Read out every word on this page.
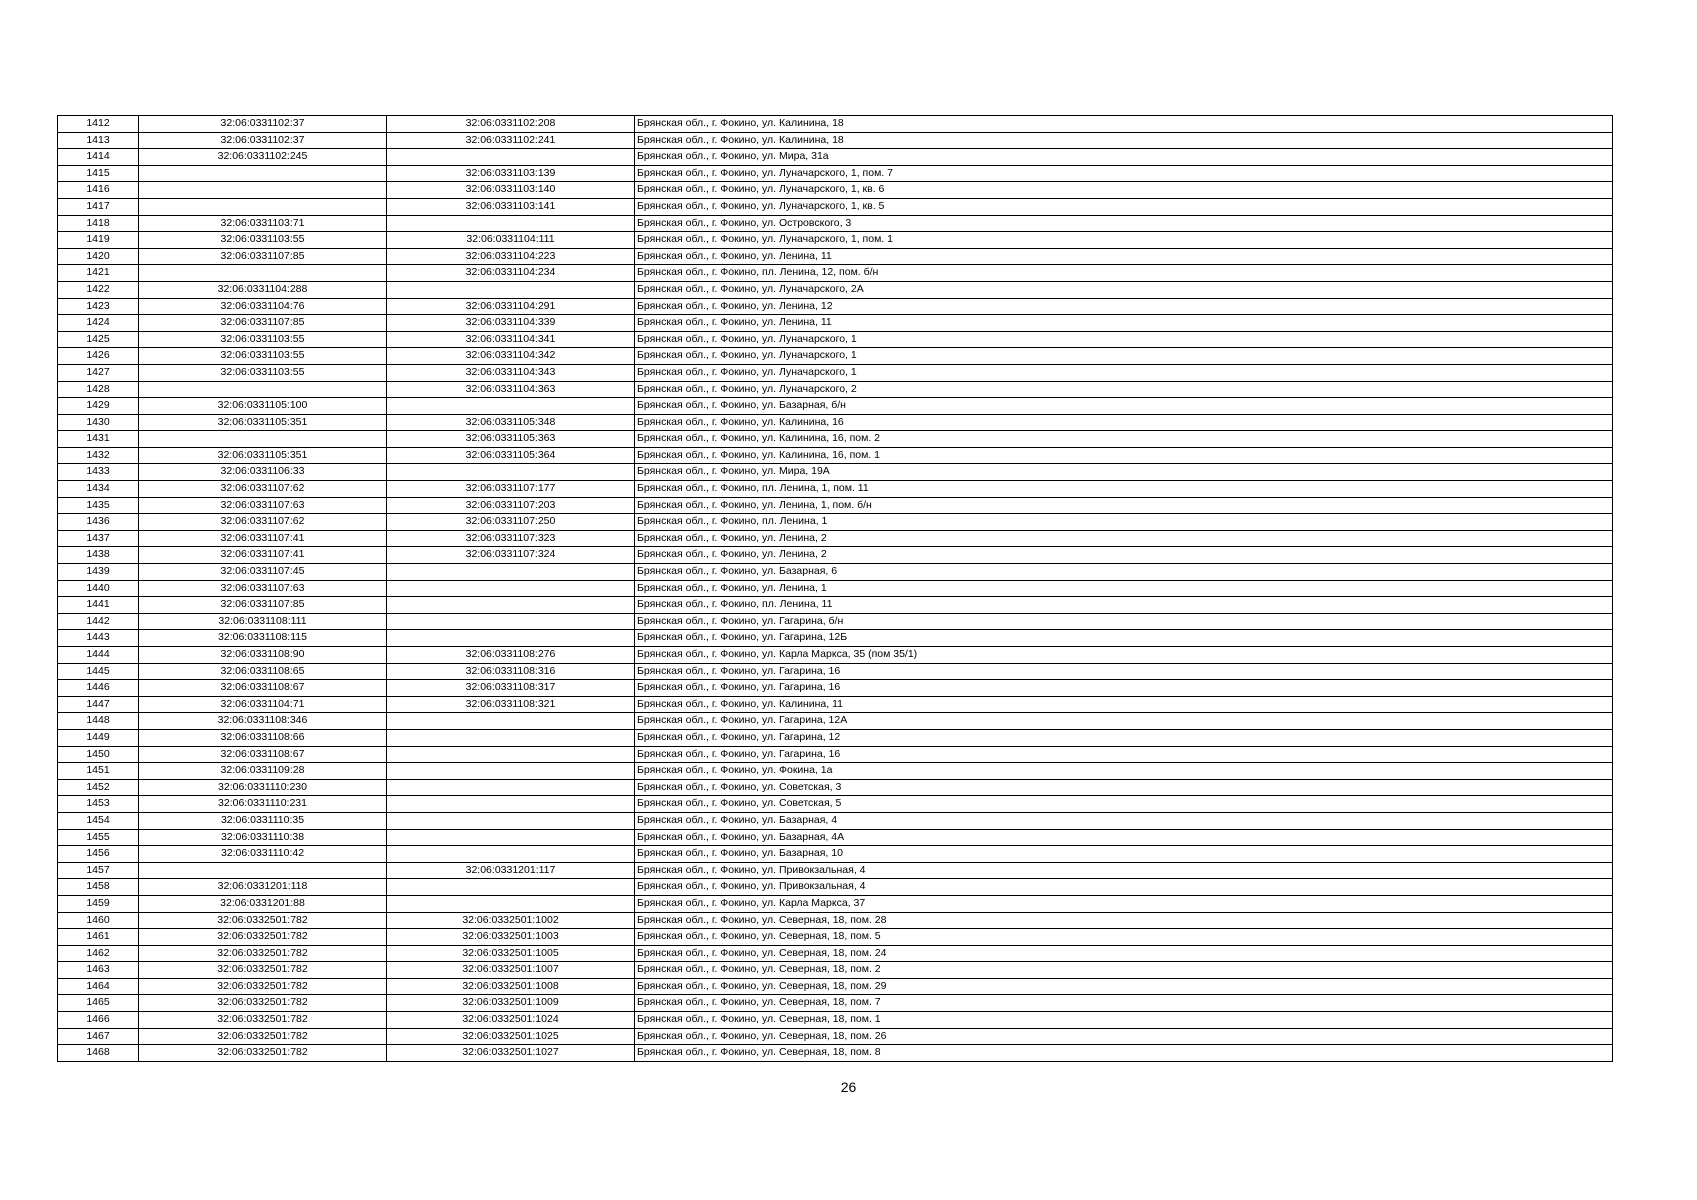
1412	32:06:0331102:37	32:06:0331102:208	Брянская обл., г. Фокино, ул. Калинина, 18
1413	32:06:0331102:37	32:06:0331102:241	Брянская обл., г. Фокино, ул. Калинина, 18
1414	32:06:0331102:245		Брянская обл., г. Фокино, ул. Мира, 31а
1415		32:06:0331103:139	Брянская обл., г. Фокино, ул. Луначарского, 1, пом. 7
1416		32:06:0331103:140	Брянская обл., г. Фокино, ул. Луначарского, 1, кв. 6
1417		32:06:0331103:141	Брянская обл., г. Фокино, ул. Луначарского, 1, кв. 5
1418	32:06:0331103:71		Брянская обл., г. Фокино, ул. Островского, 3
1419	32:06:0331103:55	32:06:0331104:111	Брянская обл., г. Фокино, ул. Луначарского, 1, пом. 1
1420	32:06:0331107:85	32:06:0331104:223	Брянская обл., г. Фокино, ул. Ленина, 11
1421		32:06:0331104:234	Брянская обл., г. Фокино, пл. Ленина, 12, пом. б/н
1422	32:06:0331104:288		Брянская обл., г. Фокино, ул. Луначарского, 2А
1423	32:06:0331104:76	32:06:0331104:291	Брянская обл., г. Фокино, ул. Ленина, 12
1424	32:06:0331107:85	32:06:0331104:339	Брянская обл., г. Фокино, ул. Ленина, 11
1425	32:06:0331103:55	32:06:0331104:341	Брянская обл., г. Фокино, ул. Луначарского, 1
1426	32:06:0331103:55	32:06:0331104:342	Брянская обл., г. Фокино, ул. Луначарского, 1
1427	32:06:0331103:55	32:06:0331104:343	Брянская обл., г. Фокино, ул. Луначарского, 1
1428		32:06:0331104:363	Брянская обл., г. Фокино, ул. Луначарского, 2
1429	32:06:0331105:100		Брянская обл., г. Фокино, ул. Базарная, б/н
1430	32:06:0331105:351	32:06:0331105:348	Брянская обл., г. Фокино, ул. Калинина, 16
1431		32:06:0331105:363	Брянская обл., г. Фокино, ул. Калинина, 16, пом. 2
1432	32:06:0331105:351	32:06:0331105:364	Брянская обл., г. Фокино, ул. Калинина, 16, пом. 1
1433	32:06:0331106:33		Брянская обл., г. Фокино, ул. Мира, 19А
1434	32:06:0331107:62	32:06:0331107:177	Брянская обл., г. Фокино, пл. Ленина, 1, пом. 11
1435	32:06:0331107:63	32:06:0331107:203	Брянская обл., г. Фокино, ул. Ленина, 1, пом. б/н
1436	32:06:0331107:62	32:06:0331107:250	Брянская обл., г. Фокино, пл. Ленина, 1
1437	32:06:0331107:41	32:06:0331107:323	Брянская обл., г. Фокино, ул. Ленина, 2
1438	32:06:0331107:41	32:06:0331107:324	Брянская обл., г. Фокино, ул. Ленина, 2
1439	32:06:0331107:45		Брянская обл., г. Фокино, ул. Базарная, 6
1440	32:06:0331107:63		Брянская обл., г. Фокино, ул. Ленина, 1
1441	32:06:0331107:85		Брянская обл., г. Фокино, пл. Ленина, 11
1442	32:06:0331108:111		Брянская обл., г. Фокино, ул. Гагарина, б/н
1443	32:06:0331108:115		Брянская обл., г. Фокино, ул. Гагарина, 12Б
1444	32:06:0331108:90	32:06:0331108:276	Брянская обл., г. Фокино, ул. Карла Маркса, 35 (пом 35/1)
1445	32:06:0331108:65	32:06:0331108:316	Брянская обл., г. Фокино, ул. Гагарина, 16
1446	32:06:0331108:67	32:06:0331108:317	Брянская обл., г. Фокино, ул. Гагарина, 16
1447	32:06:0331104:71	32:06:0331108:321	Брянская обл., г. Фокино, ул. Калинина, 11
1448	32:06:0331108:346		Брянская обл., г. Фокино, ул. Гагарина, 12А
1449	32:06:0331108:66		Брянская обл., г. Фокино, ул. Гагарина, 12
1450	32:06:0331108:67		Брянская обл., г. Фокино, ул. Гагарина, 16
1451	32:06:0331109:28		Брянская обл., г. Фокино, ул. Фокина, 1а
1452	32:06:0331110:230		Брянская обл., г. Фокино, ул. Советская, 3
1453	32:06:0331110:231		Брянская обл., г. Фокино, ул. Советская, 5
1454	32:06:0331110:35		Брянская обл., г. Фокино, ул. Базарная, 4
1455	32:06:0331110:38		Брянская обл., г. Фокино, ул. Базарная, 4А
1456	32:06:0331110:42		Брянская обл., г. Фокино, ул. Базарная, 10
1457		32:06:0331201:117	Брянская обл., г. Фокино, ул. Привокзальная, 4
1458	32:06:0331201:118		Брянская обл., г. Фокино, ул. Привокзальная, 4
1459	32:06:0331201:88		Брянская обл., г. Фокино, ул. Карла Маркса, 37
1460	32:06:0332501:782	32:06:0332501:1002	Брянская обл., г. Фокино, ул. Северная, 18, пом. 28
1461	32:06:0332501:782	32:06:0332501:1003	Брянская обл., г. Фокино, ул. Северная, 18, пом. 5
1462	32:06:0332501:782	32:06:0332501:1005	Брянская обл., г. Фокино, ул. Северная, 18, пом. 24
1463	32:06:0332501:782	32:06:0332501:1007	Брянская обл., г. Фокино, ул. Северная, 18, пом. 2
1464	32:06:0332501:782	32:06:0332501:1008	Брянская обл., г. Фокино, ул. Северная, 18, пом. 29
1465	32:06:0332501:782	32:06:0332501:1009	Брянская обл., г. Фокино, ул. Северная, 18, пом. 7
1466	32:06:0332501:782	32:06:0332501:1024	Брянская обл., г. Фокино, ул. Северная, 18, пом. 1
1467	32:06:0332501:782	32:06:0332501:1025	Брянская обл., г. Фокино, ул. Северная, 18, пом. 26
1468	32:06:0332501:782	32:06:0332501:1027	Брянская обл., г. Фокино, ул. Северная, 18, пом. 8
26
